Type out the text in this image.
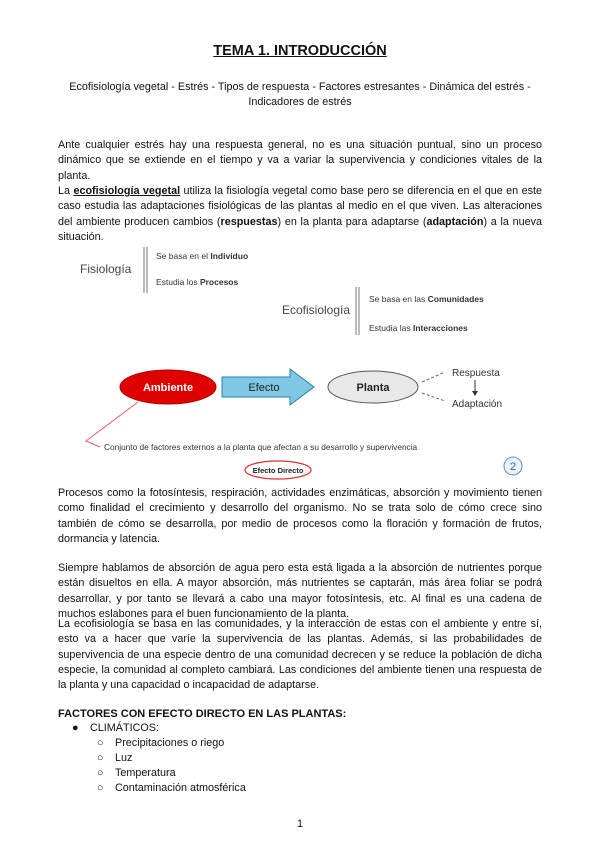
TEMA 1. INTRODUCCIÓN
Ecofisiología vegetal - Estrés - Tipos de respuesta - Factores estresantes - Dinámica del estrés -
Indicadores de estrés

Ante cualquier estrés hay una respuesta general, no es una situación puntual, sino un proceso dinámico que se extiende en el tiempo y va a variar la supervivencia y condiciones vitales de la planta.

La ecofisiología vegetal utiliza la fisiología vegetal como base pero se diferencia en el que en este caso estudia las adaptaciones fisiológicas de las plantas al medio en el que viven. Las alteraciones del ambiente producen cambios (respuestas) en la planta para adaptarse (adaptación) a la nueva situación.

Fisiología
Se basa en el Individuo
Estudia los Procesos
Ecofisiología
Se basa en las Comunidades
Estudia las Interacciones
Ambiente	Efecto	Planta
Respuesta
Adaptación
Conjunto de factores externos a la planta que afectan a su desarrollo y supervivencia
Efecto Directo	2

Procesos como la fotosíntesis, respiración, actividades enzimáticas, absorción y movimiento tienen como finalidad el crecimiento y desarrollo del organismo. No se trata solo de cómo crece sino también de cómo se desarrolla, por medio de procesos como la floración y formación de frutos, dormancia y latencia.

Siempre hablamos de absorción de agua pero esta está ligada a la absorción de nutrientes porque están disueltos en ella. A mayor absorción, más nutrientes se captarán, más área foliar se podrá desarrollar, y por tanto se llevará a cabo una mayor fotosíntesis, etc. Al final es una cadena de muchos eslabones para el buen funcionamiento de la planta.

La ecofisiología se basa en las comunidades, y la interacción de estas con el ambiente y entre sí, esto va a hacer que varíe la supervivencia de las plantas. Además, si las probabilidades de supervivencia de una especie dentro de una comunidad decrecen y se reduce la población de dicha especie, la comunidad al completo cambiará. Las condiciones del ambiente tienen una respuesta de la planta y una capacidad o incapacidad de adaptarse.

FACTORES CON EFECTO DIRECTO EN LAS PLANTAS:
● CLIMÁTICOS:
○ Precipitaciones o riego
○ Luz
○ Temperatura
○ Contaminación atmosférica
1
